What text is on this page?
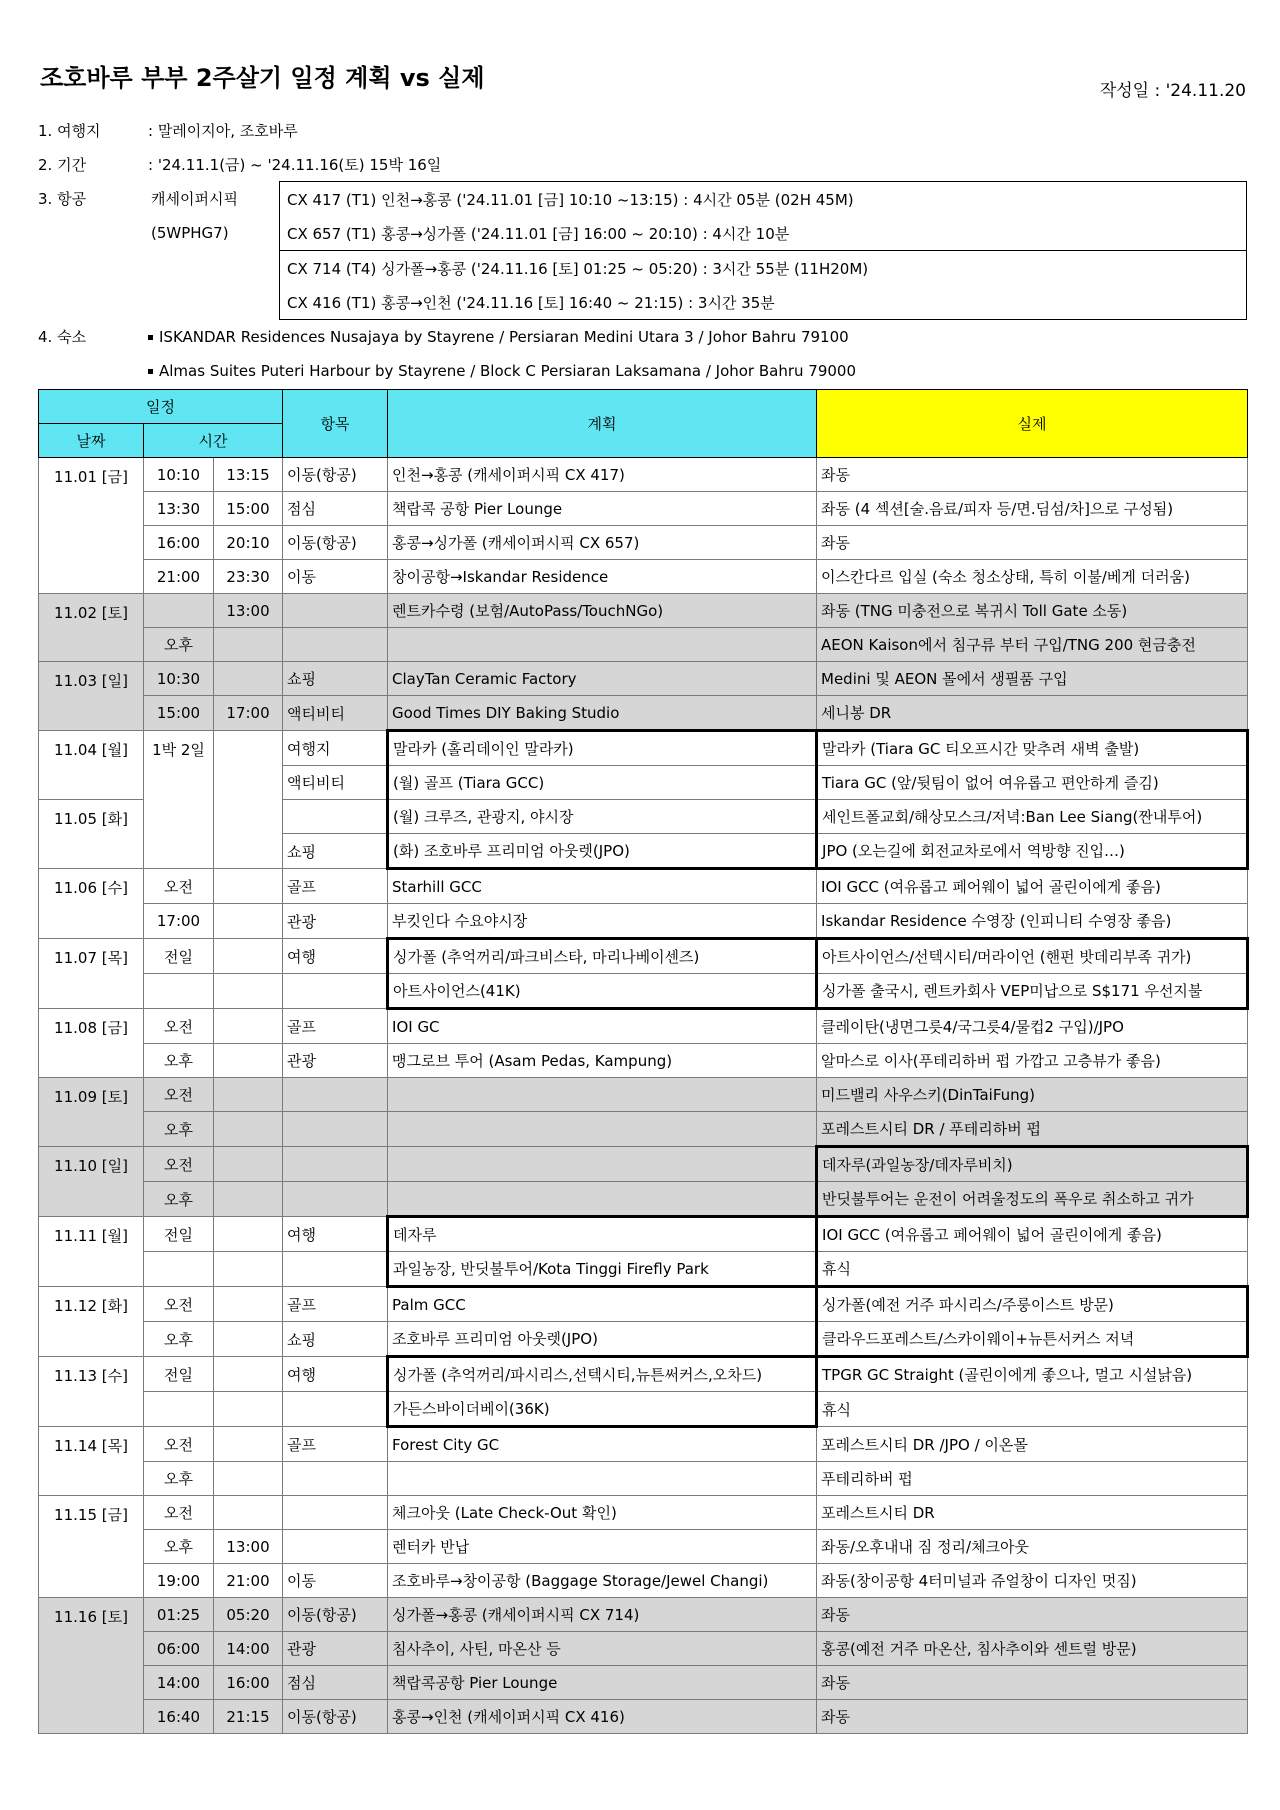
조호바루 부부 2주살기 일정 계획 vs 실제	작성일 : '24.11.20
1. 여행지	: 말레이지아, 조호바루
2. 기간	: '24.11.1(금) ~ '24.11.16(토) 15박 16일
3. 항공	캐세이퍼시픽	CX 417 (T1) 인천→홍콩 ('24.11.01 [금] 10:10 ~13:15) : 4시간 05분 (02H 45M)
(5WPHG7)	CX 657 (T1) 홍콩→싱가폴 ('24.11.01 [금] 16:00 ~ 20:10) : 4시간 10분
	CX 714 (T4) 싱가폴→홍콩 ('24.11.16 [토] 01:25 ~ 05:20) : 3시간 55분 (11H20M)
	CX 416 (T1) 홍콩→인천 ('24.11.16 [토] 16:40 ~ 21:15) : 3시간 35분
4. 숙소	ISKANDAR Residences Nusajaya by Stayrene / Persiaran Medini Utara 3 / Johor Bahru 79100
Almas Suites Puteri Harbour by Stayrene / Block C Persiaran Laksamana / Johor Bahru 79000
일정			항목	계획	실제
날짜	시간				
11.01 [금]	10:10	13:15	이동(항공)	인천→홍콩 (캐세이퍼시픽 CX 417)	좌동
	13:30	15:00	점심	책랍콕 공항 Pier Lounge	좌동 (4 섹션[술.음료/피자 등/면.딤섬/차]으로 구성됨)
	16:00	20:10	이동(항공)	홍콩→싱가폴 (캐세이퍼시픽 CX 657)	좌동
	21:00	23:30	이동	창이공항→Iskandar Residence	이스칸다르 입실 (숙소 청소상태, 특히 이불/베게 더러움)
11.02 [토]		13:00		렌트카수령 (보험/AutoPass/TouchNGo)	좌동 (TNG 미충전으로 복귀시 Toll Gate 소동)
	오후				AEON Kaison에서 침구류 부터 구입/TNG 200 현금충전
11.03 [일]	10:30		쇼핑	ClayTan Ceramic Factory	Medini 및 AEON 몰에서 생필품 구입
	15:00	17:00	액티비티	Good Times DIY Baking Studio	세니봉 DR
11.04 [월]	1박 2일		여행지	말라카 (홀리데이인 말라카)	말라카 (Tiara GC 티오프시간 맞추려 새벽 출발)
			액티비티	(월) 골프 (Tiara GCC)	Tiara GC (앞/뒷팀이 없어 여유롭고 편안하게 즐김)
11.05 [화]				(월) 크루즈, 관광지, 야시장	세인트폴교회/해상모스크/저녁:Ban Lee Siang(짠내투어)
			쇼핑	(화) 조호바루 프리미엄 아웃렛(JPO)	JPO (오는길에 회전교차로에서 역방향 진입…)
11.06 [수]	오전		골프	Starhill GCC	IOI GCC (여유롭고 페어웨이 넓어 골린이에게 좋음)
	17:00		관광	부킷인다 수요야시장	Iskandar Residence 수영장 (인피니티 수영장 좋음)
11.07 [목]	전일		여행	싱가폴 (추억꺼리/파크비스타, 마리나베이센즈)	아트사이언스/선텍시티/머라이언 (핸펀 밧데리부족 귀가)
				아트사이언스(41K)	싱가폴 출국시, 렌트카회사 VEP미납으로 S$171 우선지불
11.08 [금]	오전		골프	IOI GC	클레이탄(냉면그릇4/국그릇4/물컵2 구입)/JPO
	오후		관광	맹그로브 투어 (Asam Pedas, Kampung)	알마스로 이사(푸테리하버 펍 가깝고 고층뷰가 좋음)
11.09 [토]	오전				미드밸리 사우스키(DinTaiFung)
	오후				포레스트시티 DR / 푸테리하버 펍
11.10 [일]	오전				데자루(과일농장/데자루비치)
	오후				반딧불투어는 운전이 어려울정도의 폭우로 취소하고 귀가
11.11 [월]	전일		여행	데자루	IOI GCC (여유롭고 페어웨이 넓어 골린이에게 좋음)
				과일농장, 반딧불투어/Kota Tinggi Firefly Park	휴식
11.12 [화]	오전		골프	Palm GCC	싱가폴(예전 거주 파시리스/주룽이스트 방문)
	오후		쇼핑	조호바루 프리미엄 아웃렛(JPO)	클라우드포레스트/스카이웨이+뉴튼서커스 저녁
11.13 [수]	전일		여행	싱가폴 (추억꺼리/파시리스,선텍시티,뉴튼써커스,오차드)	TPGR GC Straight (골린이에게 좋으나, 멀고 시설낡음)
				가든스바이더베이(36K)	휴식
11.14 [목]	오전		골프	Forest City GC	포레스트시티 DR /JPO / 이온몰
	오후				푸테리하버 펍
11.15 [금]	오전			체크아웃 (Late Check-Out 확인)	포레스트시티 DR
	오후	13:00		렌터카 반납	좌동/오후내내 짐 정리/체크아웃
	19:00	21:00	이동	조호바루→창이공항 (Baggage Storage/Jewel Changi)	좌동(창이공항 4터미널과 쥬얼창이 디자인 멋짐)
11.16 [토]	01:25	05:20	이동(항공)	싱가폴→홍콩 (캐세이퍼시픽 CX 714)	좌동
	06:00	14:00	관광	침사추이, 사틴, 마온산 등	홍콩(예전 거주 마온산, 침사추이와 센트럴 방문)
	14:00	16:00	점심	책랍콕공항 Pier Lounge	좌동
	16:40	21:15	이동(항공)	홍콩→인천 (캐세이퍼시픽 CX 416)	좌동
